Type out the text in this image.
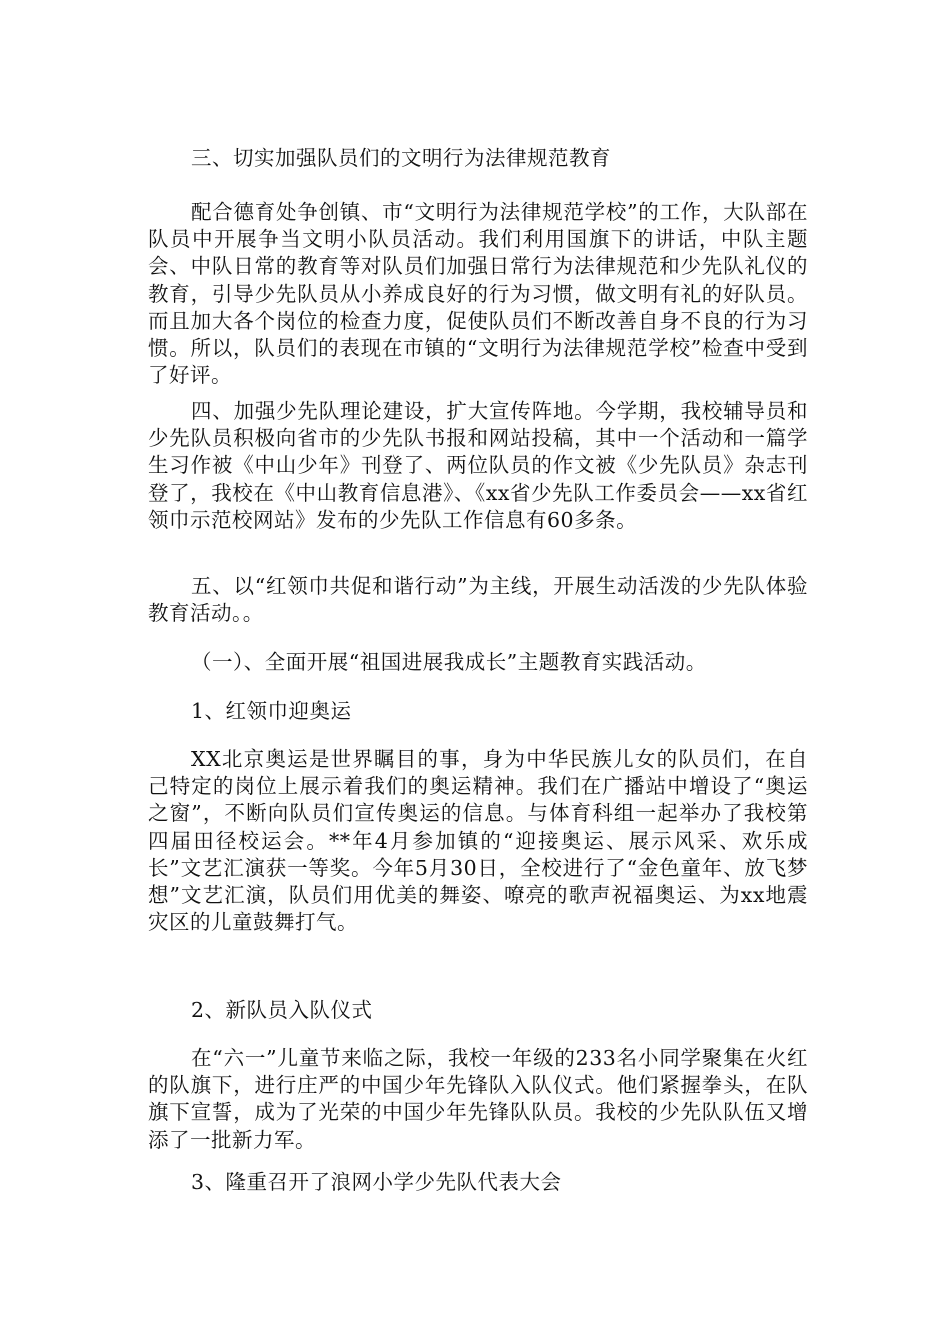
三、切实加强队员们的文明行为法律规范教育

配合德育处争创镇、市“文明行为法律规范学校”的工作，大队部在队员中开展争当文明小队员活动。我们利用国旗下的讲话，中队主题会、中队日常的教育等对队员们加强日常行为法律规范和少先队礼仪的教育，引导少先队员从小养成良好的行为习惯，做文明有礼的好队员。而且加大各个岗位的检查力度，促使队员们不断改善自身不良的行为习惯。所以，队员们的表现在市镇的“文明行为法律规范学校”检查中受到了好评。

四、加强少先队理论建设，扩大宣传阵地。今学期，我校辅导员和少先队员积极向省市的少先队书报和网站投稿，其中一个活动和一篇学生习作被《中山少年》刊登了、两位队员的作文被《少先队员》杂志刊登了，我校在《中山教育信息港》、《xx省少先队工作委员会——xx省红领巾示范校网站》发布的少先队工作信息有60多条。

五、以“红领巾共促和谐行动”为主线，开展生动活泼的少先队体验教育活动。。

（一）、全面开展“祖国进展我成长”主题教育实践活动。

1、红领巾迎奥运

XX北京奥运是世界瞩目的事，身为中华民族儿女的队员们，在自己特定的岗位上展示着我们的奥运精神。我们在广播站中增设了“奥运之窗”，不断向队员们宣传奥运的信息。与体育科组一起举办了我校第四届田径校运会。**年4月参加镇的“迎接奥运、展示风采、欢乐成长”文艺汇演获一等奖。今年5月30日，全校进行了“金色童年、放飞梦想”文艺汇演，队员们用优美的舞姿、嘹亮的歌声祝福奥运、为xx地震灾区的儿童鼓舞打气。

2、新队员入队仪式

在“六一”儿童节来临之际，我校一年级的233名小同学聚集在火红的队旗下，进行庄严的中国少年先锋队入队仪式。他们紧握拳头，在队旗下宣誓，成为了光荣的中国少年先锋队队员。我校的少先队队伍又增添了一批新力军。

3、隆重召开了浪网小学少先队代表大会
